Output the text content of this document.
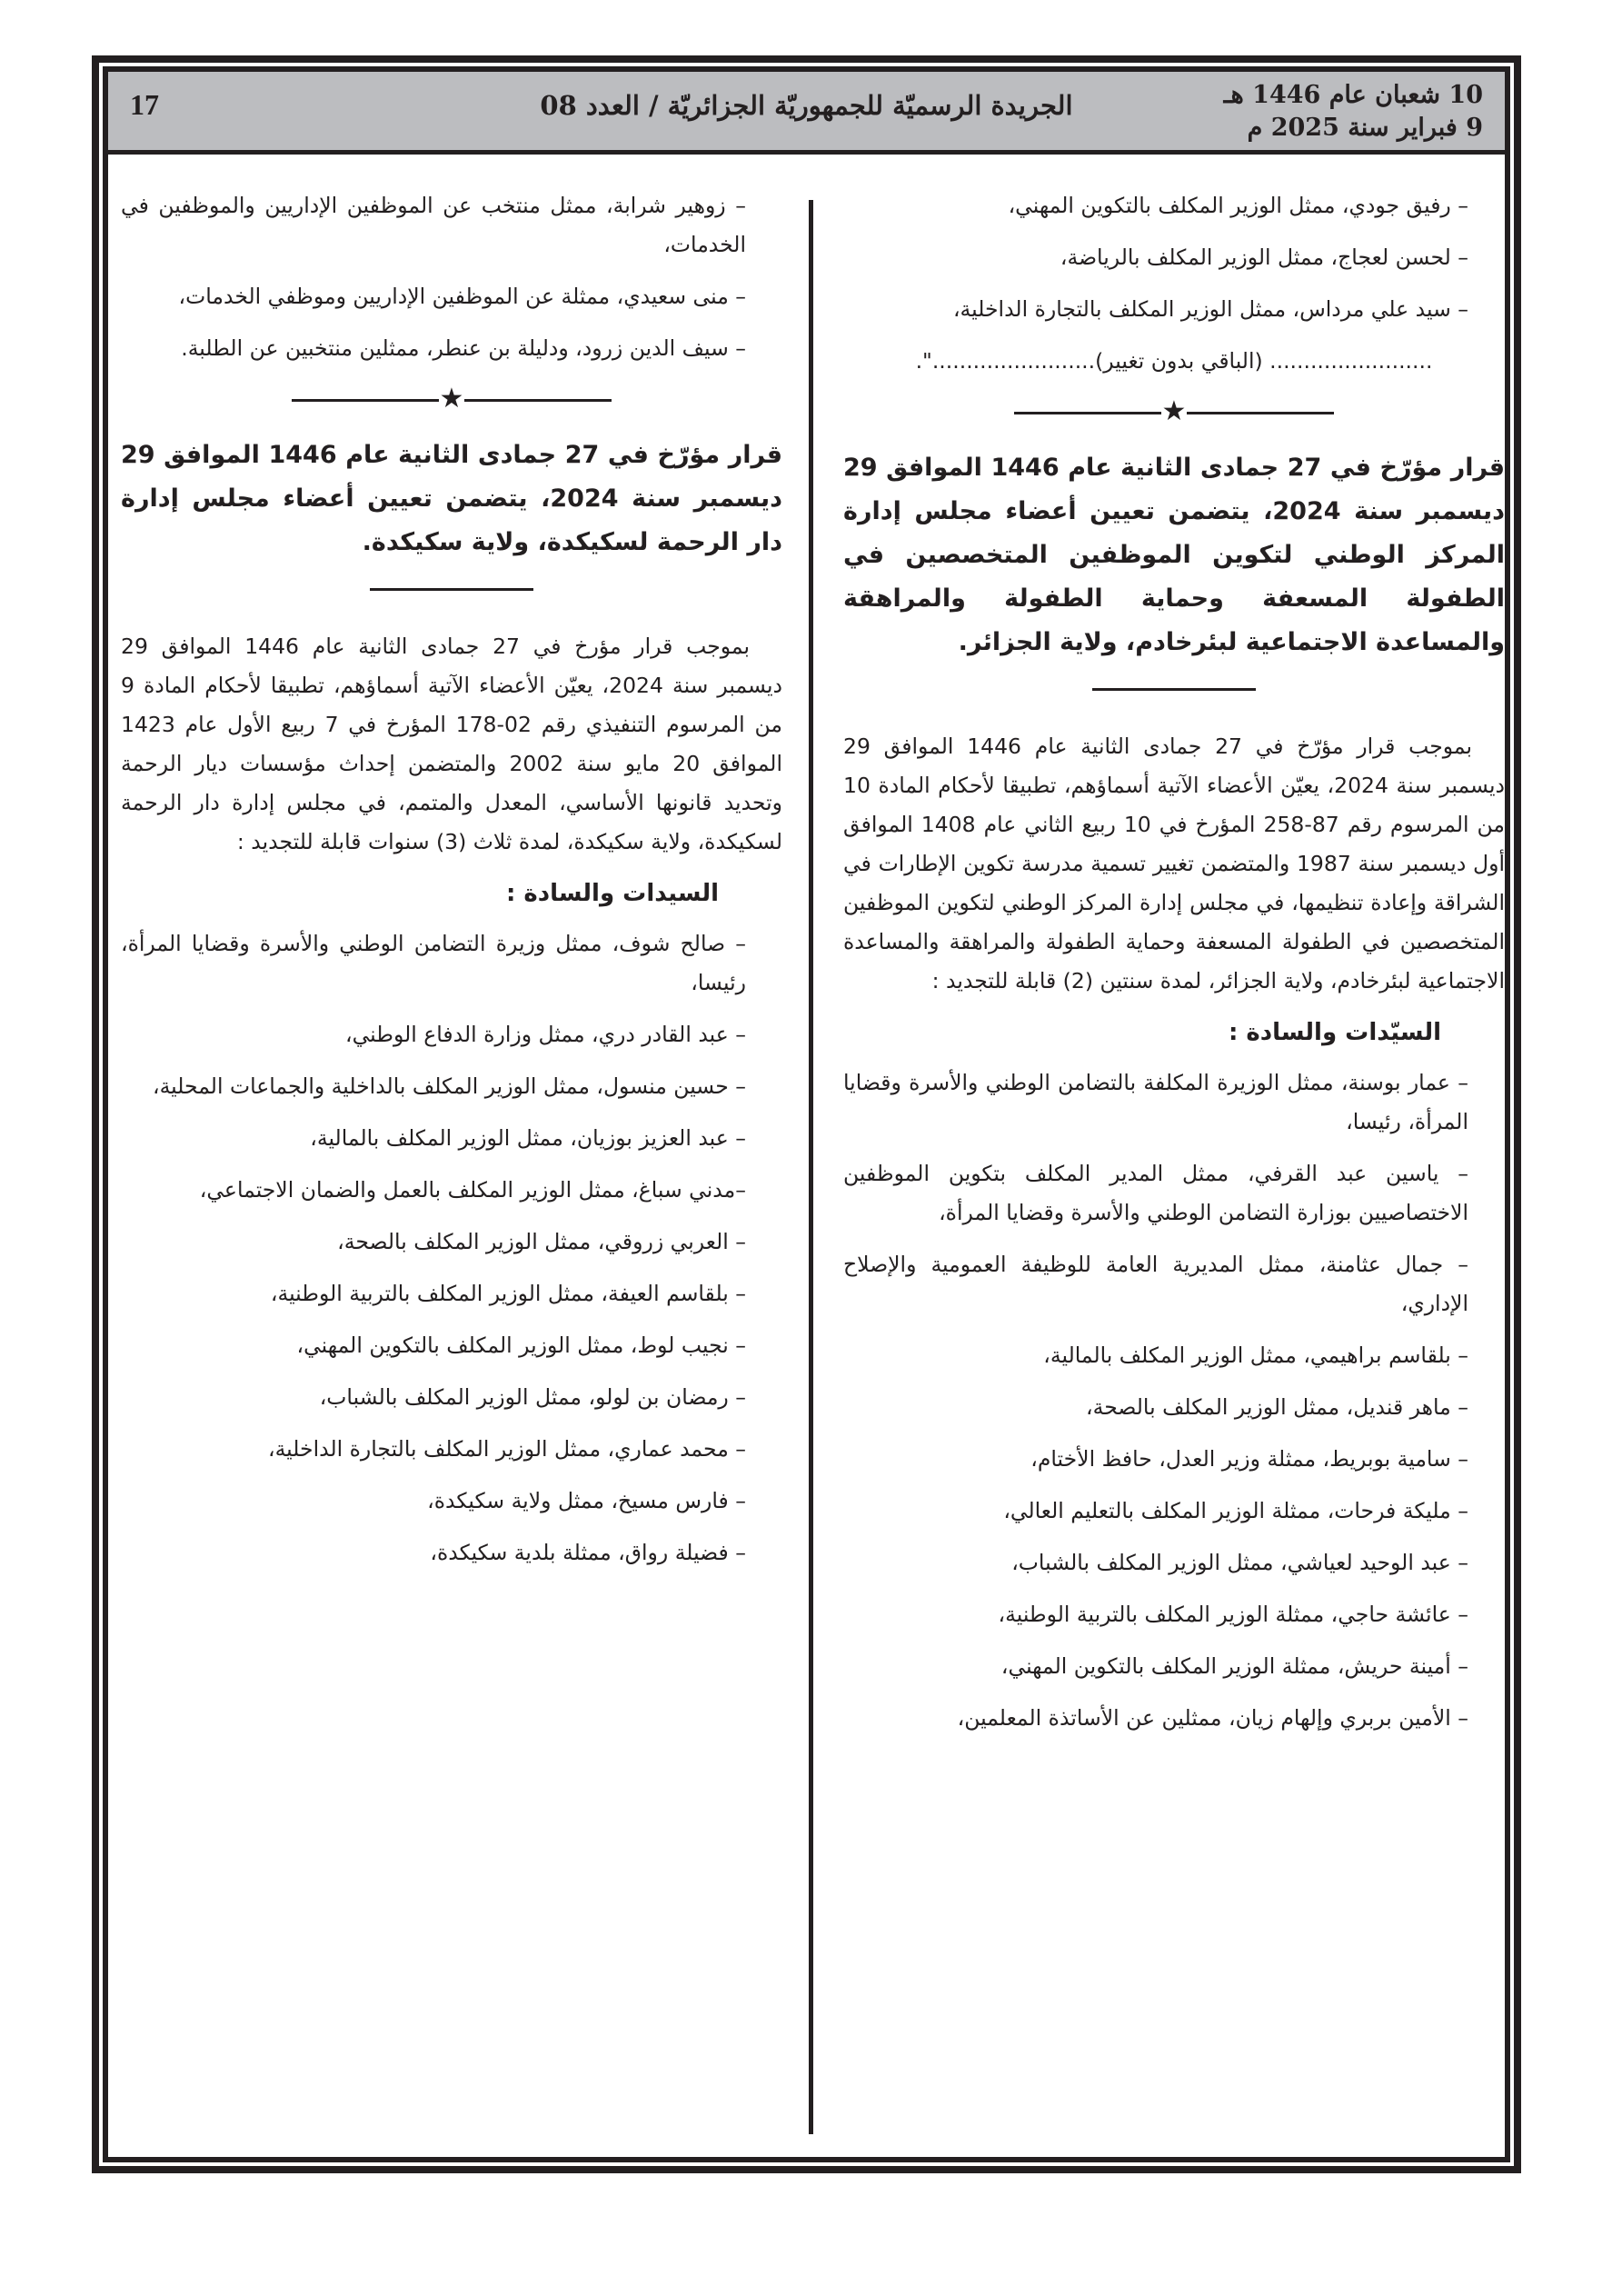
10 شعبان عام 1446 هـ
9 فبراير سنة 2025 م
الجريدة الرسميّة للجمهوريّة الجزائريّة / العدد 08
17

– رفيق جودي، ممثل الوزير المكلف بالتكوين المهني،

– لحسن لعجاج، ممثل الوزير المكلف بالرياضة،

– سيد علي مرداس، ممثل الوزير المكلف بالتجارة الداخلية،

........................ (الباقي بدون تغيير)........................".

★

قرار مؤرّخ في 27 جمادى الثانية عام 1446 الموافق 29 ديسمبر سنة 2024، يتضمن تعيين أعضاء مجلس إدارة المركز الوطني لتكوين الموظفين المتخصصين في الطفولة المسعفة وحماية الطفولة والمراهقة والمساعدة الاجتماعية لبئرخادم، ولاية الجزائر.

بموجب قرار مؤرّخ في 27 جمادى الثانية عام 1446 الموافق 29 ديسمبر سنة 2024، يعيّن الأعضاء الآتية أسماؤهم، تطبيقا لأحكام المادة 10 من المرسوم رقم 87-258 المؤرخ في 10 ربيع الثاني عام 1408 الموافق أول ديسمبر سنة 1987 والمتضمن تغيير تسمية مدرسة تكوين الإطارات في الشراقة وإعادة تنظيمها، في مجلس إدارة المركز الوطني لتكوين الموظفين المتخصصين في الطفولة المسعفة وحماية الطفولة والمراهقة والمساعدة الاجتماعية لبئرخادم، ولاية الجزائر، لمدة سنتين (2) قابلة للتجديد :

السيّدات والسادة :

– عمار بوسنة، ممثل الوزيرة المكلفة بالتضامن الوطني والأسرة وقضايا المرأة، رئيسا،

– ياسين عبد القرفي، ممثل المدير المكلف بتكوين الموظفين الاختصاصيين بوزارة التضامن الوطني والأسرة وقضايا المرأة،

– جمال عثامنة، ممثل المديرية العامة للوظيفة العمومية والإصلاح الإداري،

– بلقاسم براهيمي، ممثل الوزير المكلف بالمالية،

– ماهر قنديل، ممثل الوزير المكلف بالصحة،

– سامية بوبريط، ممثلة وزير العدل، حافظ الأختام،

– مليكة فرحات، ممثلة الوزير المكلف بالتعليم العالي،

– عبد الوحيد لعياشي، ممثل الوزير المكلف بالشباب،

– عائشة حاجي، ممثلة الوزير المكلف بالتربية الوطنية،

– أمينة حريش، ممثلة الوزير المكلف بالتكوين المهني،

– الأمين بربري وإلهام زيان، ممثلين عن الأساتذة المعلمين،

– زوهير شرابة، ممثل منتخب عن الموظفين الإداريين والموظفين في الخدمات،

– منى سعيدي، ممثلة عن الموظفين الإداريين وموظفي الخدمات،

– سيف الدين زرود، ودليلة بن عنطر، ممثلين منتخبين عن الطلبة.

★

قرار مؤرّخ في 27 جمادى الثانية عام 1446 الموافق 29 ديسمبر سنة 2024، يتضمن تعيين أعضاء مجلس إدارة دار الرحمة لسكيكدة، ولاية سكيكدة.

بموجب قرار مؤرخ في 27 جمادى الثانية عام 1446 الموافق 29 ديسمبر سنة 2024، يعيّن الأعضاء الآتية أسماؤهم، تطبيقا لأحكام المادة 9 من المرسوم التنفيذي رقم 02-178 المؤرخ في 7 ربيع الأول عام 1423 الموافق 20 مايو سنة 2002 والمتضمن إحداث مؤسسات ديار الرحمة وتحديد قانونها الأساسي، المعدل والمتمم، في مجلس إدارة دار الرحمة لسكيكدة، ولاية سكيكدة، لمدة ثلاث (3) سنوات قابلة للتجديد :

السيدات والسادة :

– صالح شوف، ممثل وزيرة التضامن الوطني والأسرة وقضايا المرأة، رئيسا،

– عبد القادر دري، ممثل وزارة الدفاع الوطني،

– حسين منسول، ممثل الوزير المكلف بالداخلية والجماعات المحلية،

– عبد العزيز بوزيان، ممثل الوزير المكلف بالمالية،

–مدني سباغ، ممثل الوزير المكلف بالعمل والضمان الاجتماعي،

– العربي زروقي، ممثل الوزير المكلف بالصحة،

– بلقاسم العيفة، ممثل الوزير المكلف بالتربية الوطنية،

– نجيب لوط، ممثل الوزير المكلف بالتكوين المهني،

– رمضان بن لولو، ممثل الوزير المكلف بالشباب،

– محمد عماري، ممثل الوزير المكلف بالتجارة الداخلية،

– فارس مسيخ، ممثل ولاية سكيكدة،

– فضيلة رواق، ممثلة بلدية سكيكدة،
